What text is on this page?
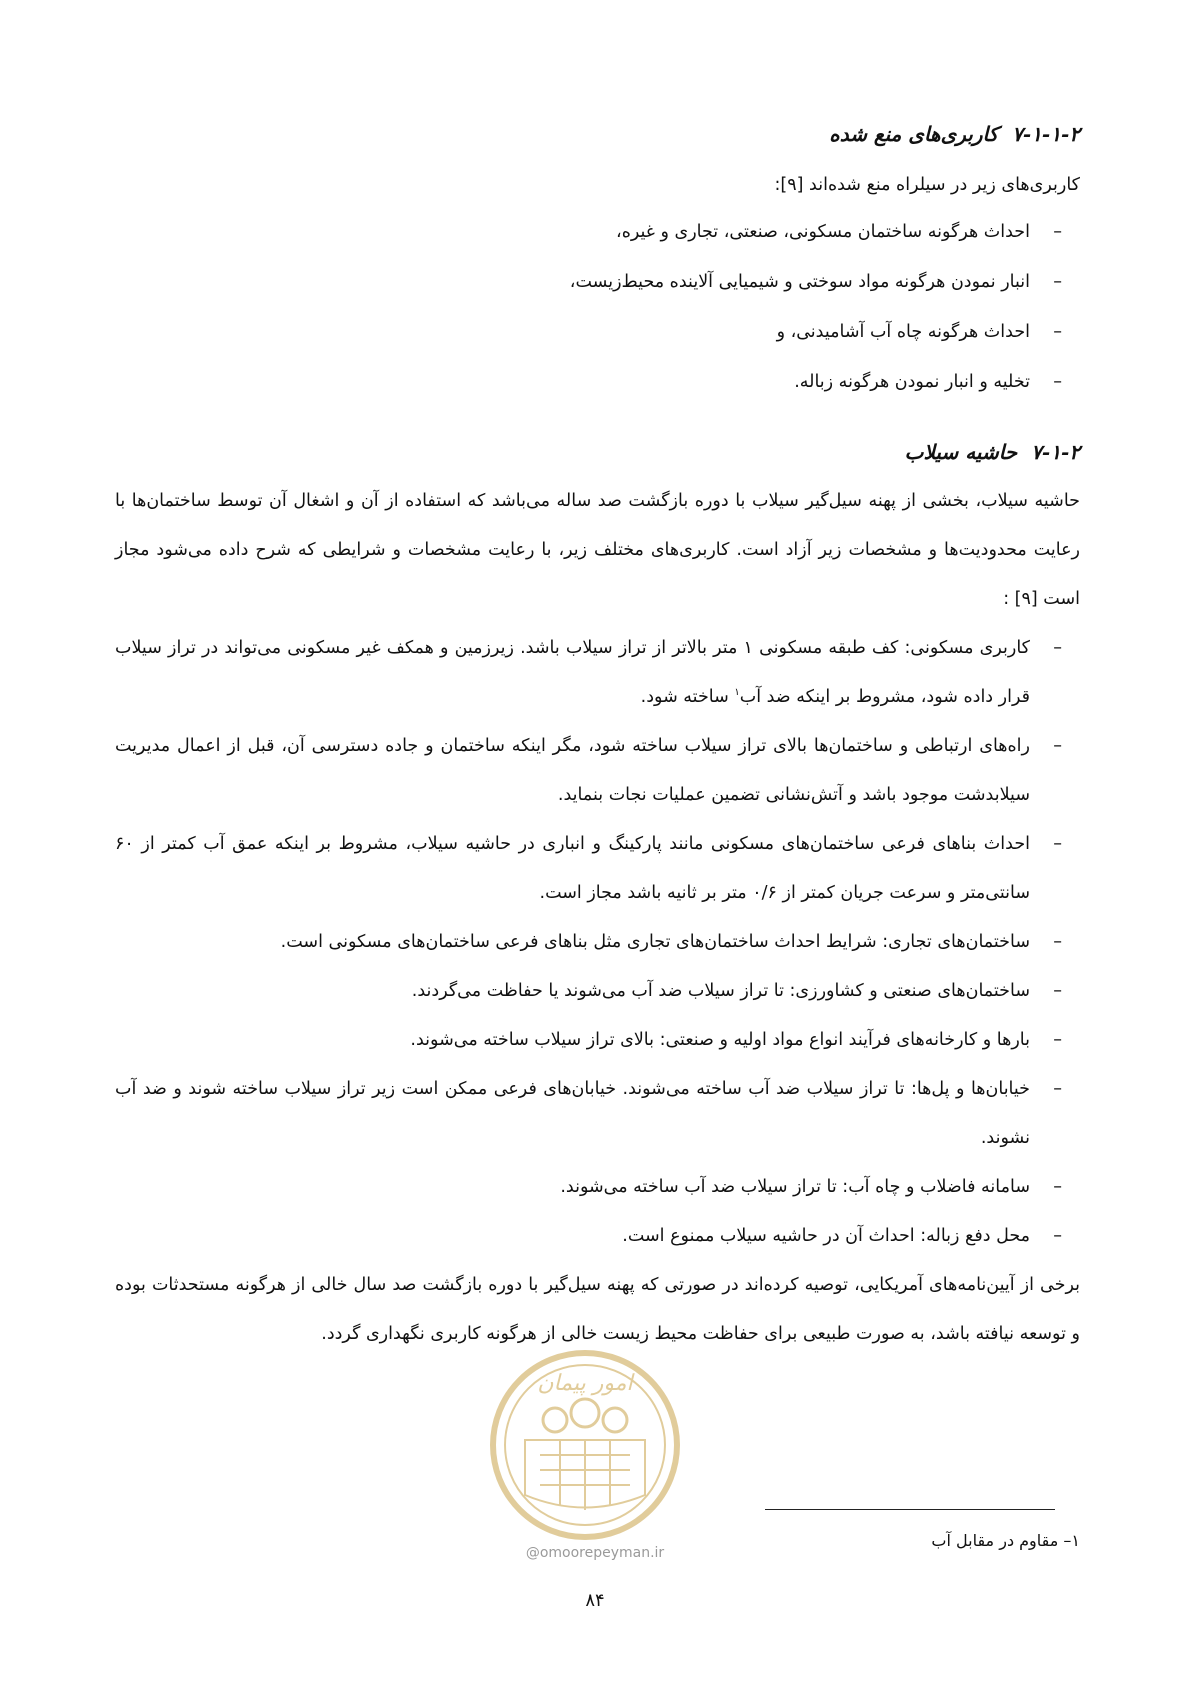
۷-۱-۱-۲کاربری‌های منع شده

کاربری‌های زیر در سیلراه منع شده‌اند [۹]:

–
احداث هرگونه ساختمان مسکونی، صنعتی، تجاری و غیره،
–
انبار نمودن هرگونه مواد سوختی و شیمیایی آلاینده محیط‌زیست،
–
احداث هرگونه چاه آب آشامیدنی، و
–
تخلیه و انبار نمودن هرگونه زباله.
۷-۱-۲حاشیه سیلاب

حاشیه سیلاب، بخشی از پهنه سیل‌گیر سیلاب با دوره بازگشت صد ساله می‌باشد که استفاده از آن و اشغال آن توسط ساختمان‌ها با رعایت محدودیت‌ها و مشخصات زیر آزاد است. کاربری‌های مختلف زیر، با رعایت مشخصات و شرایطی که شرح داده می‌شود مجاز است [۹] :

–
کاربری مسکونی: کف طبقه مسکونی ۱ متر بالاتر از تراز سیلاب باشد. زیرزمین و همکف غیر مسکونی می‌تواند در تراز سیلاب قرار داده شود، مشروط بر اینکه ضد آب$^۱$ ساخته شود.
–
راه‌های ارتباطی و ساختمان‌ها بالای تراز سیلاب ساخته شود، مگر اینکه ساختمان و جاده دسترسی آن، قبل از اعمال مدیریت سیلابدشت موجود باشد و آتش‌نشانی تضمین عملیات نجات بنماید.
–
احداث بناهای فرعی ساختمان‌های مسکونی مانند پارکینگ و انباری در حاشیه سیلاب، مشروط بر اینکه عمق آب کمتر از ۶۰ سانتی‌متر و سرعت جریان کمتر از ۰/۶ متر بر ثانیه باشد مجاز است.
–
ساختمان‌های تجاری: شرایط احداث ساختمان‌های تجاری مثل بناهای فرعی ساختمان‌های مسکونی است.
–
ساختمان‌های صنعتی و کشاورزی: تا تراز سیلاب ضد آب می‌شوند یا حفاظت می‌گردند.
–
بارها و کارخانه‌های فرآیند انواع مواد اولیه و صنعتی: بالای تراز سیلاب ساخته می‌شوند.
–
خیابان‌ها و پل‌ها: تا تراز سیلاب ضد آب ساخته می‌شوند. خیابان‌های فرعی ممکن است زیر تراز سیلاب ساخته شوند و ضد آب نشوند.
–
سامانه فاضلاب و چاه آب: تا تراز سیلاب ضد آب ساخته می‌شوند.
–
محل دفع زباله: احداث آن در حاشیه سیلاب ممنوع است.

برخی از آیین‌نامه‌های آمریکایی، توصیه کرده‌اند در صورتی که پهنه سیل‌گیر با دوره بازگشت صد سال خالی از هرگونه مستحدثات بوده و توسعه نیافته باشد، به صورت طبیعی برای حفاظت محیط زیست خالی از هرگونه کاربری نگهداری گردد.

امور پیمان
@omoorepeyman.ir
۱– مقاوم در مقابل آب
۸۴
